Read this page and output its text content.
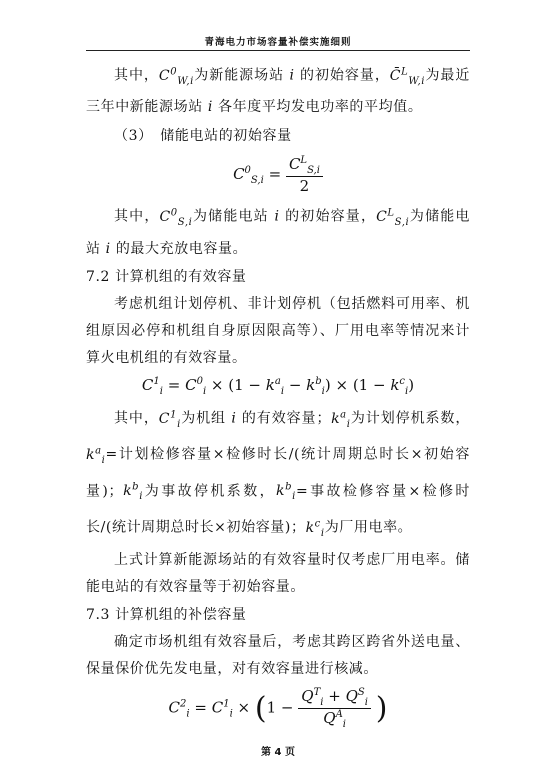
青海电力市场容量补偿实施细则

其中，$C^0_{W,i}$为新能源场站 i 的初始容量，C̄$^L_{W,i}$为最近三年中新能源场站 i 各年度平均发电功率的平均值。

（3）　储能电站的初始容量
$C^0_{S,i} = \frac{C^L_{S,i}}{2}$

其中，$C^0_{S,i}$为储能电站 i 的初始容量，$C^L_{S,i}$为储能电站 i 的最大充放电容量。

7.2 计算机组的有效容量

考虑机组计划停机、非计划停机（包括燃料可用率、机组原因必停和机组自身原因限高等）、厂用电率等情况来计算火电机组的有效容量。

$C^1_i = C^0_i \times (1 - k^a_i - k^b_i) \times (1 - k^c_i)$

其中，$C^1_i$为机组 i 的有效容量；$k^a_i$为计划停机系数，$k^a_i=$计划检修容量×检修时长/(统计周期总时长×初始容量)；$k^b_i$为事故停机系数，$k^b_i=$事故检修容量×检修时长/(统计周期总时长×初始容量)；$k^c_i$为厂用电率。

上式计算新能源场站的有效容量时仅考虑厂用电率。储能电站的有效容量等于初始容量。

7.3 计算机组的补偿容量

确定市场机组有效容量后，考虑其跨区跨省外送电量、保量保价优先发电量，对有效容量进行核减。

$C^2_i = C^1_i \times (1 - \frac{Q^T_i + Q^S_i}{Q^A_i}$ )
第 4 页
